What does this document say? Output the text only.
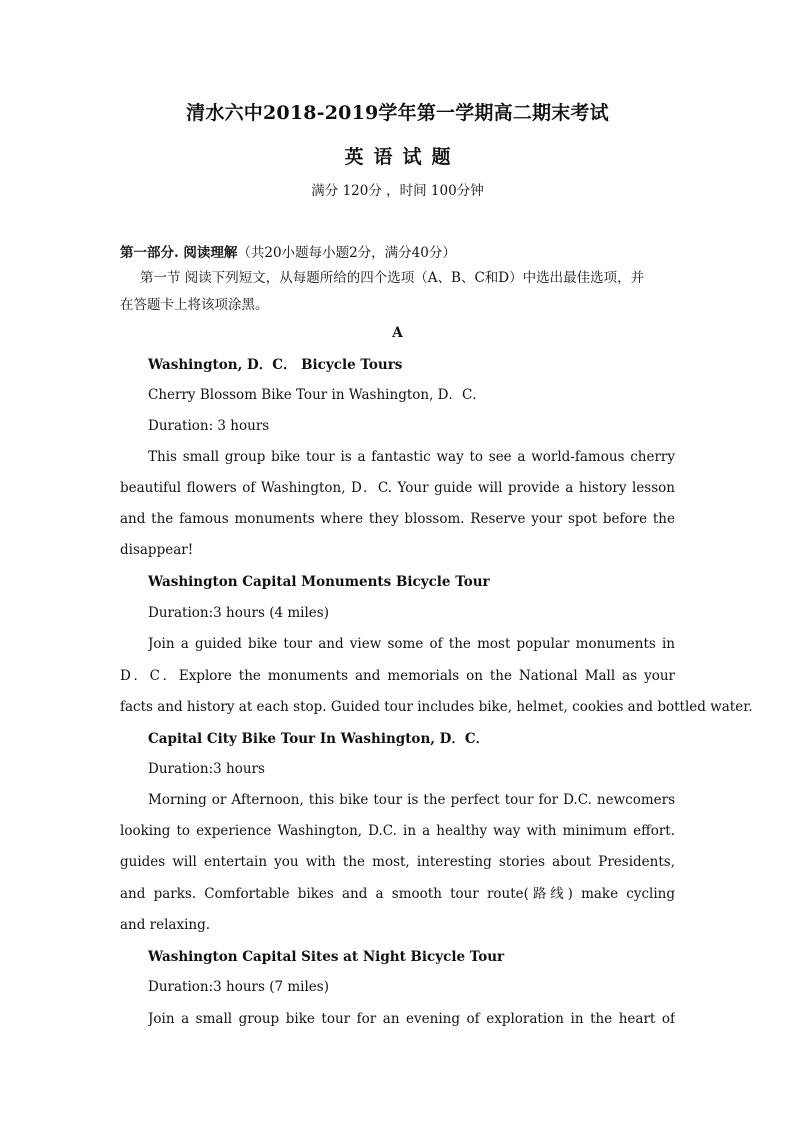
清水六中2018-2019学年第一学期高二期末考试
英语试题
满分 120分 ，时间 100分钟
第一部分. 阅读理解（共20小题每小题2分，满分40分）
第一节 阅读下列短文，从每题所给的四个选项（A、B、C和D）中选出最佳选项，并
在答题卡上将该项涂黑。
A
Washington, D．C． Bicycle Tours
Cherry Blossom Bike Tour in Washington, D．C．
Duration: 3 hours
This small group bike tour is a fantastic way to see a world-famous cherry
beautiful flowers of Washington, D．C. Your guide will provide a history lesson
and the famous monuments where they blossom. Reserve your spot before the
disappear!
Washington Capital Monuments Bicycle Tour
Duration:3 hours (4 miles)
Join a guided bike tour and view some of the most popular monuments in
D．C．Explore the monuments and memorials on the National Mall as your
facts and history at each stop. Guided tour includes bike, helmet, cookies and bottled water.
Capital City Bike Tour In Washington, D．C．
Duration:3 hours
Morning or Afternoon, this bike tour is the perfect tour for D.C. newcomers
looking to experience Washington, D.C. in a healthy way with minimum effort.
guides will entertain you with the most, interesting stories about Presidents,
and parks. Comfortable bikes and a smooth tour route(路线) make cycling
and relaxing.
Washington Capital Sites at Night Bicycle Tour
Duration:3 hours (7 miles)
Join a small group bike tour for an evening of exploration in the heart of
